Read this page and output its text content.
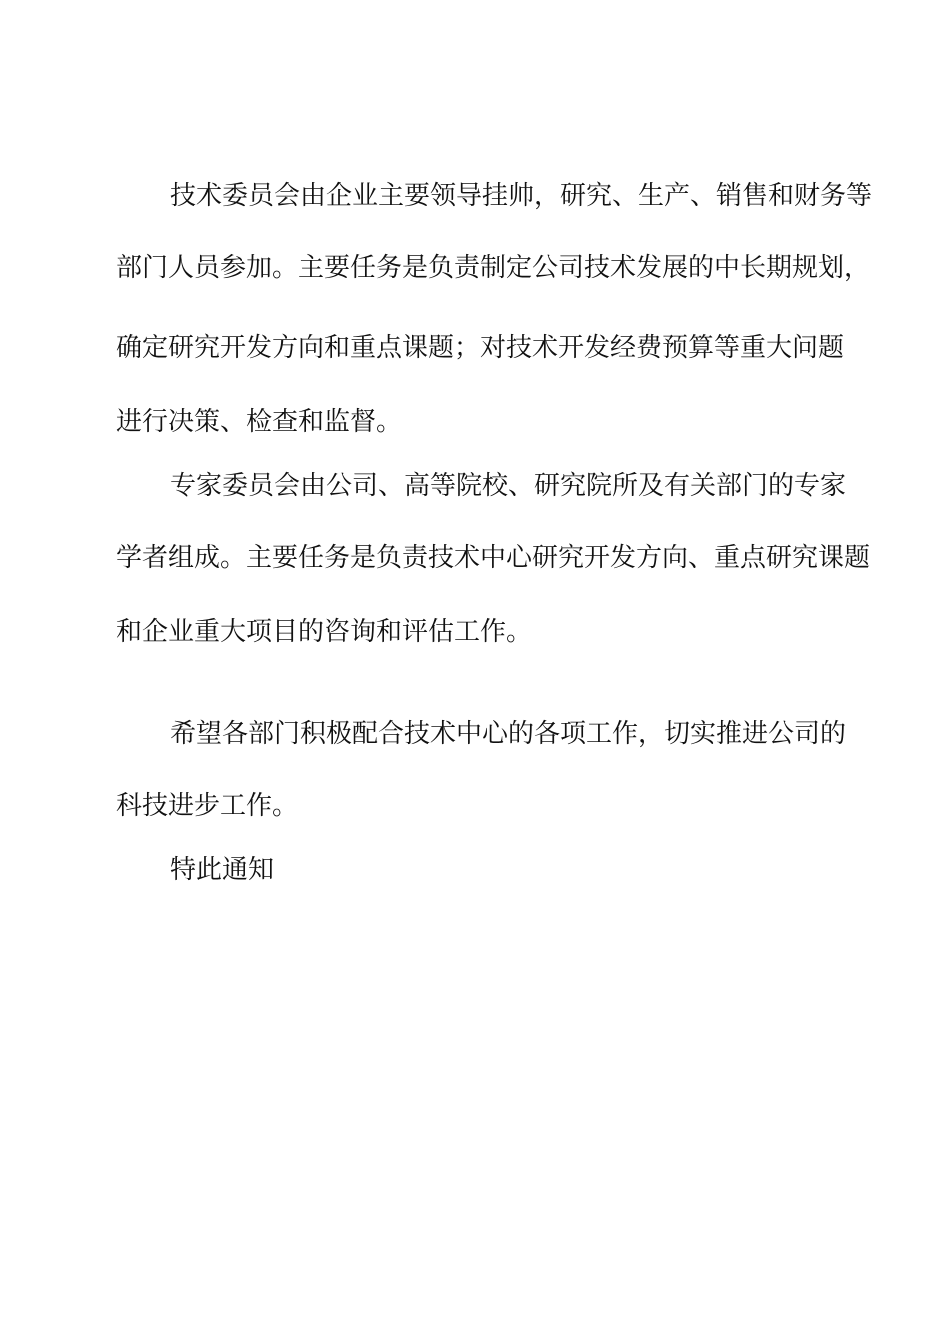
技术委员会由企业主要领导挂帅，研究、生产、销售和财务等

部门人员参加。主要任务是负责制定公司技术发展的中长期规划，

确定研究开发方向和重点课题；对技术开发经费预算等重大问题

进行决策、检查和监督。

专家委员会由公司、高等院校、研究院所及有关部门的专家

学者组成。主要任务是负责技术中心研究开发方向、重点研究课题

和企业重大项目的咨询和评估工作。

希望各部门积极配合技术中心的各项工作，切实推进公司的

科技进步工作。

特此通知
